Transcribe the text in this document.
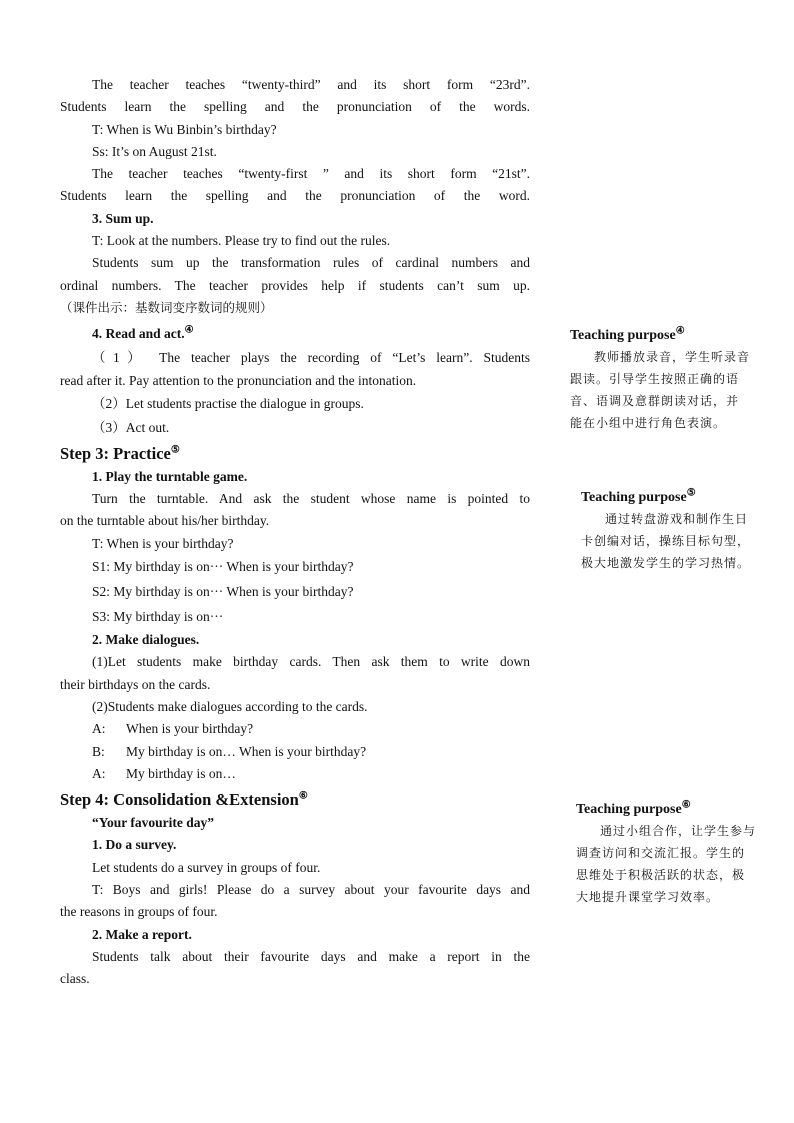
The teacher teaches “twenty-third” and its short form “23rd”.
Students learn the spelling and the pronunciation of the words.
T: When is Wu Binbin’s birthday?
Ss: It’s on August 21st.
The teacher teaches “twenty-first ” and its short form “21st”.
Students learn the spelling and the pronunciation of the word.
3. Sum up.
T: Look at the numbers. Please try to find out the rules.
Students sum up the transformation rules of cardinal numbers and
ordinal numbers. The teacher provides help if students can’t sum up.
（课件出示：基数词变序数词的规则）
4. Read and act.④
（1） The teacher plays the recording of “Let’s learn”. Students
read after it. Pay attention to the pronunciation and the intonation.
（2）Let students practise the dialogue in groups.
（3）Act out.
Step 3: Practice⑤
1. Play the turntable game.
Turn the turntable. And ask the student whose name is pointed to
on the turntable about his/her birthday.
T: When is your birthday?
S1: My birthday is on··· When is your birthday?
S2: My birthday is on··· When is your birthday?
S3: My birthday is on···
2. Make dialogues.
(1)Let students make birthday cards. Then ask them to write down
their birthdays on the cards.
(2)Students make dialogues according to the cards.
A: When is your birthday?
B: My birthday is on… When is your birthday?
A: My birthday is on…
Step 4: Consolidation &Extension⑥
“Your favourite day”
1. Do a survey.
Let students do a survey in groups of four.
T: Boys and girls! Please do a survey about your favourite days and
the reasons in groups of four.
2. Make a report.
Students talk about their favourite days and make a report in the
class.
Teaching purpose④
教师播放录音，学生听录音跟读。引导学生按照正确的语音、语调及意群朗读对话，并能在小组中进行角色表演。
Teaching purpose⑤
通过转盘游戏和制作生日卡创编对话，操练目标句型，极大地激发学生的学习热情。
Teaching purpose⑥
通过小组合作，让学生参与调查访问和交流汇报。学生的思维处于积极活跃的状态，极大地提升课堂学习效率。
